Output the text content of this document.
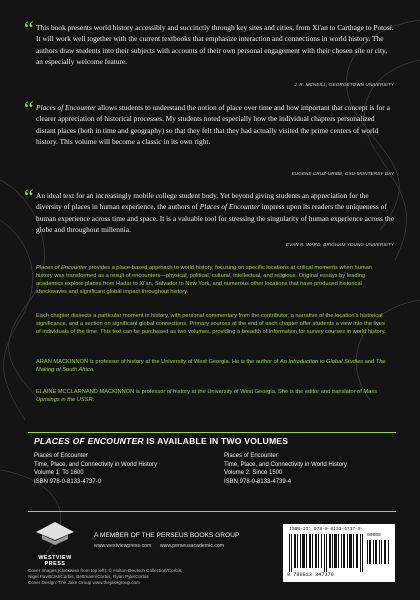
“ This book presents world history accessibly and succinctly through key sites and cities, from Xi'an to Carthage to Potosí. It will work well together with the current textbooks that emphasize interaction and connections in world history. The authors draw students into their subjects with accounts of their own personal engagement with their chosen site or city, an especially welcome feature.
J. R. MCNEILL, GEORGETOWN UNIVERSITY
“ Places of Encounter allows students to understand the notion of place over time and how important that concept is for a clearer appreciation of historical processes. My students noted especially how the individual chapters personalized distant places (both in time and geography) so that they felt that they had actually visited the prime centers of world history. This volume will become a classic in its own right.
EUGENE CRUZ-URIBE, CSU-MONTEREY BAY
“ An ideal text for an increasingly mobile college student body. Yet beyond giving students an appreciation for the diversity of places in human experience, the authors of Places of Encounter impress upon its readers the uniqueness of human experience across time and space. It is a valuable tool for stressing the singularity of human experience across the globe and throughout millennia.
EVAN R. WARD, BRIGHAM YOUNG UNIVERSITY
Places of Encounter provides a place-based approach to world history, focusing on specific locations at critical moments when human history was transformed as a result of encounters—physical, political, cultural, intellectual, and religious. Original essays by leading academics explore places from Hadar to Xi'an, Salvador to New York, and numerous other locations that have produced historical shockwaves and significant global impact throughout history.
Each chapter dissects a particular moment in history, with personal commentary from the contributor, a narrative of the location's historical significance, and a section on significant global connections. Primary sources at the end of each chapter offer students a view into the lives of individuals of the time. This text can be purchased as two volumes, providing a breadth of information for survey courses in world history.
ARAN MACKINNON is professor of history at the University of West Georgia. He is the author of An Introduction to Global Studies and The Making of South Africa.
ELAINE MCCLARNAND MACKINNON is professor of history at the University of West Georgia. She is the editor and translator of Mass Uprisings in the USSR.
PLACES OF ENCOUNTER IS AVAILABLE IN TWO VOLUMES
Places of Encounter
Time, Place, and Connectivity in World History
Volume 1: To 1600
ISBN 978-0-8133-4737-0
Places of Encounter
Time, Place, and Connectivity in World History
Volume 2: Since 1500
ISBN 978-0-8133-4739-4
WESTVIEW
PRESS
A MEMBER OF THE PERSEUS BOOKS GROUP
www.westviewpress.com www.perseusacademic.com
Cover Images (clockwise from top left): © Hulton-Deutsch Collection/Corbis,
Nigel Pavitt/JAI/Corbis, Bettmann/Corbis, Ryan Pyle/Corbis
Cover Design: The Jake Group www.thejakegroup.com
ISBN-13: 978-0-8133-4737-0
90000
9 780813 347370
